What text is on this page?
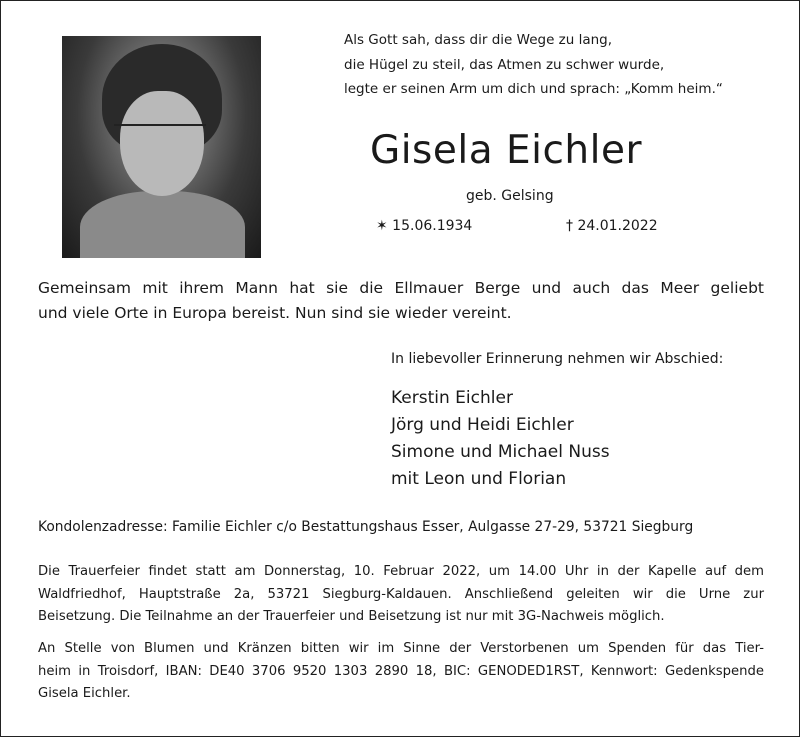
Als Gott sah, dass dir die Wege zu lang,
die Hügel zu steil, das Atmen zu schwer wurde,
legte er seinen Arm um dich und sprach: „Komm heim.“
Gisela Eichler
geb. Gelsing
✶ 15.06.1934	† 24.01.2022
Gemeinsam mit ihrem Mann hat sie die Ellmauer Berge und auch das Meer geliebt
und viele Orte in Europa bereist. Nun sind sie wieder vereint.
In liebevoller Erinnerung nehmen wir Abschied:
Kerstin Eichler
Jörg und Heidi Eichler
Simone und Michael Nuss
mit Leon und Florian
Kondolenzadresse: Familie Eichler c/o Bestattungshaus Esser, Aulgasse 27-29, 53721 Siegburg
Die Trauerfeier findet statt am Donnerstag, 10. Februar 2022, um 14.00 Uhr in der Kapelle auf dem
Waldfriedhof, Hauptstraße 2a, 53721 Siegburg-Kaldauen. Anschließend geleiten wir die Urne zur
Beisetzung. Die Teilnahme an der Trauerfeier und Beisetzung ist nur mit 3G-Nachweis möglich.
An Stelle von Blumen und Kränzen bitten wir im Sinne der Verstorbenen um Spenden für das Tier-
heim in Troisdorf, IBAN: DE40 3706 9520 1303 2890 18, BIC: GENODED1RST, Kennwort: Gedenkspende
Gisela Eichler.
